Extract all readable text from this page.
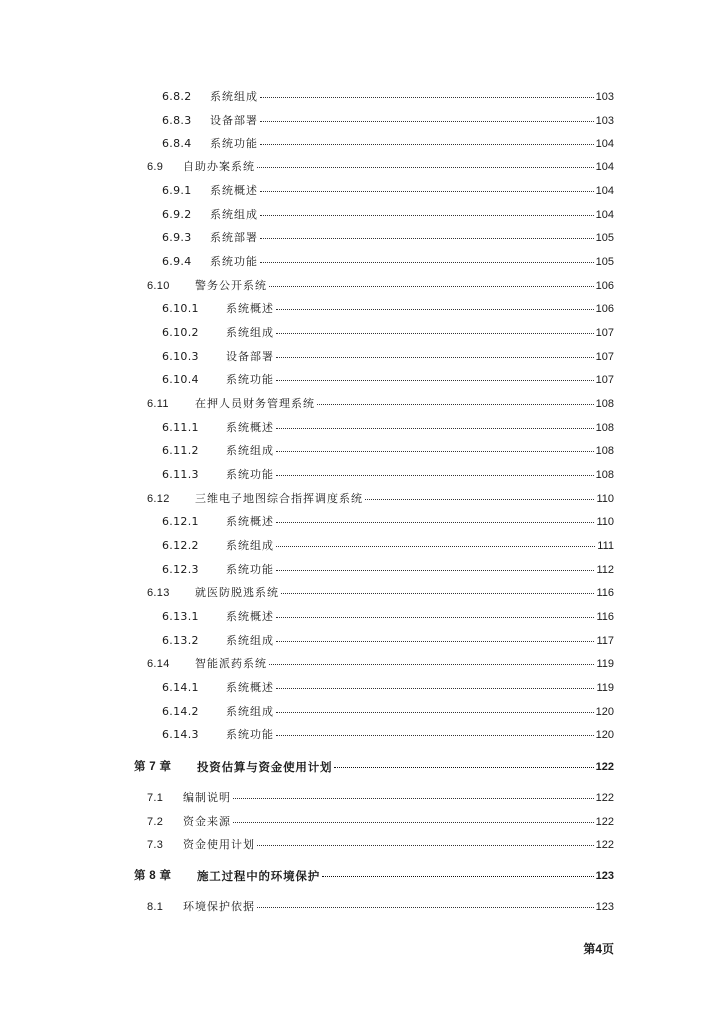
6.8.2	系统组成	103
6.8.3	设备部署	103
6.8.4	系统功能	104
6.9	自助办案系统	104
6.9.1	系统概述	104
6.9.2	系统组成	104
6.9.3	系统部署	105
6.9.4	系统功能	105
6.10	警务公开系统	106
6.10.1	系统概述	106
6.10.2	系统组成	107
6.10.3	设备部署	107
6.10.4	系统功能	107
6.11	在押人员财务管理系统	108
6.11.1	系统概述	108
6.11.2	系统组成	108
6.11.3	系统功能	108
6.12	三维电子地图综合指挥调度系统	110
6.12.1	系统概述	110
6.12.2	系统组成	111
6.12.3	系统功能	112
6.13	就医防脱逃系统	116
6.13.1	系统概述	116
6.13.2	系统组成	117
6.14	智能派药系统	119
6.14.1	系统概述	119
6.14.2	系统组成	120
6.14.3	系统功能	120
第 7 章	投资估算与资金使用计划	122
7.1	编制说明	122
7.2	资金来源	122
7.3	资金使用计划	122
第 8 章	施工过程中的环境保护	123
8.1	环境保护依据	123
第4页
